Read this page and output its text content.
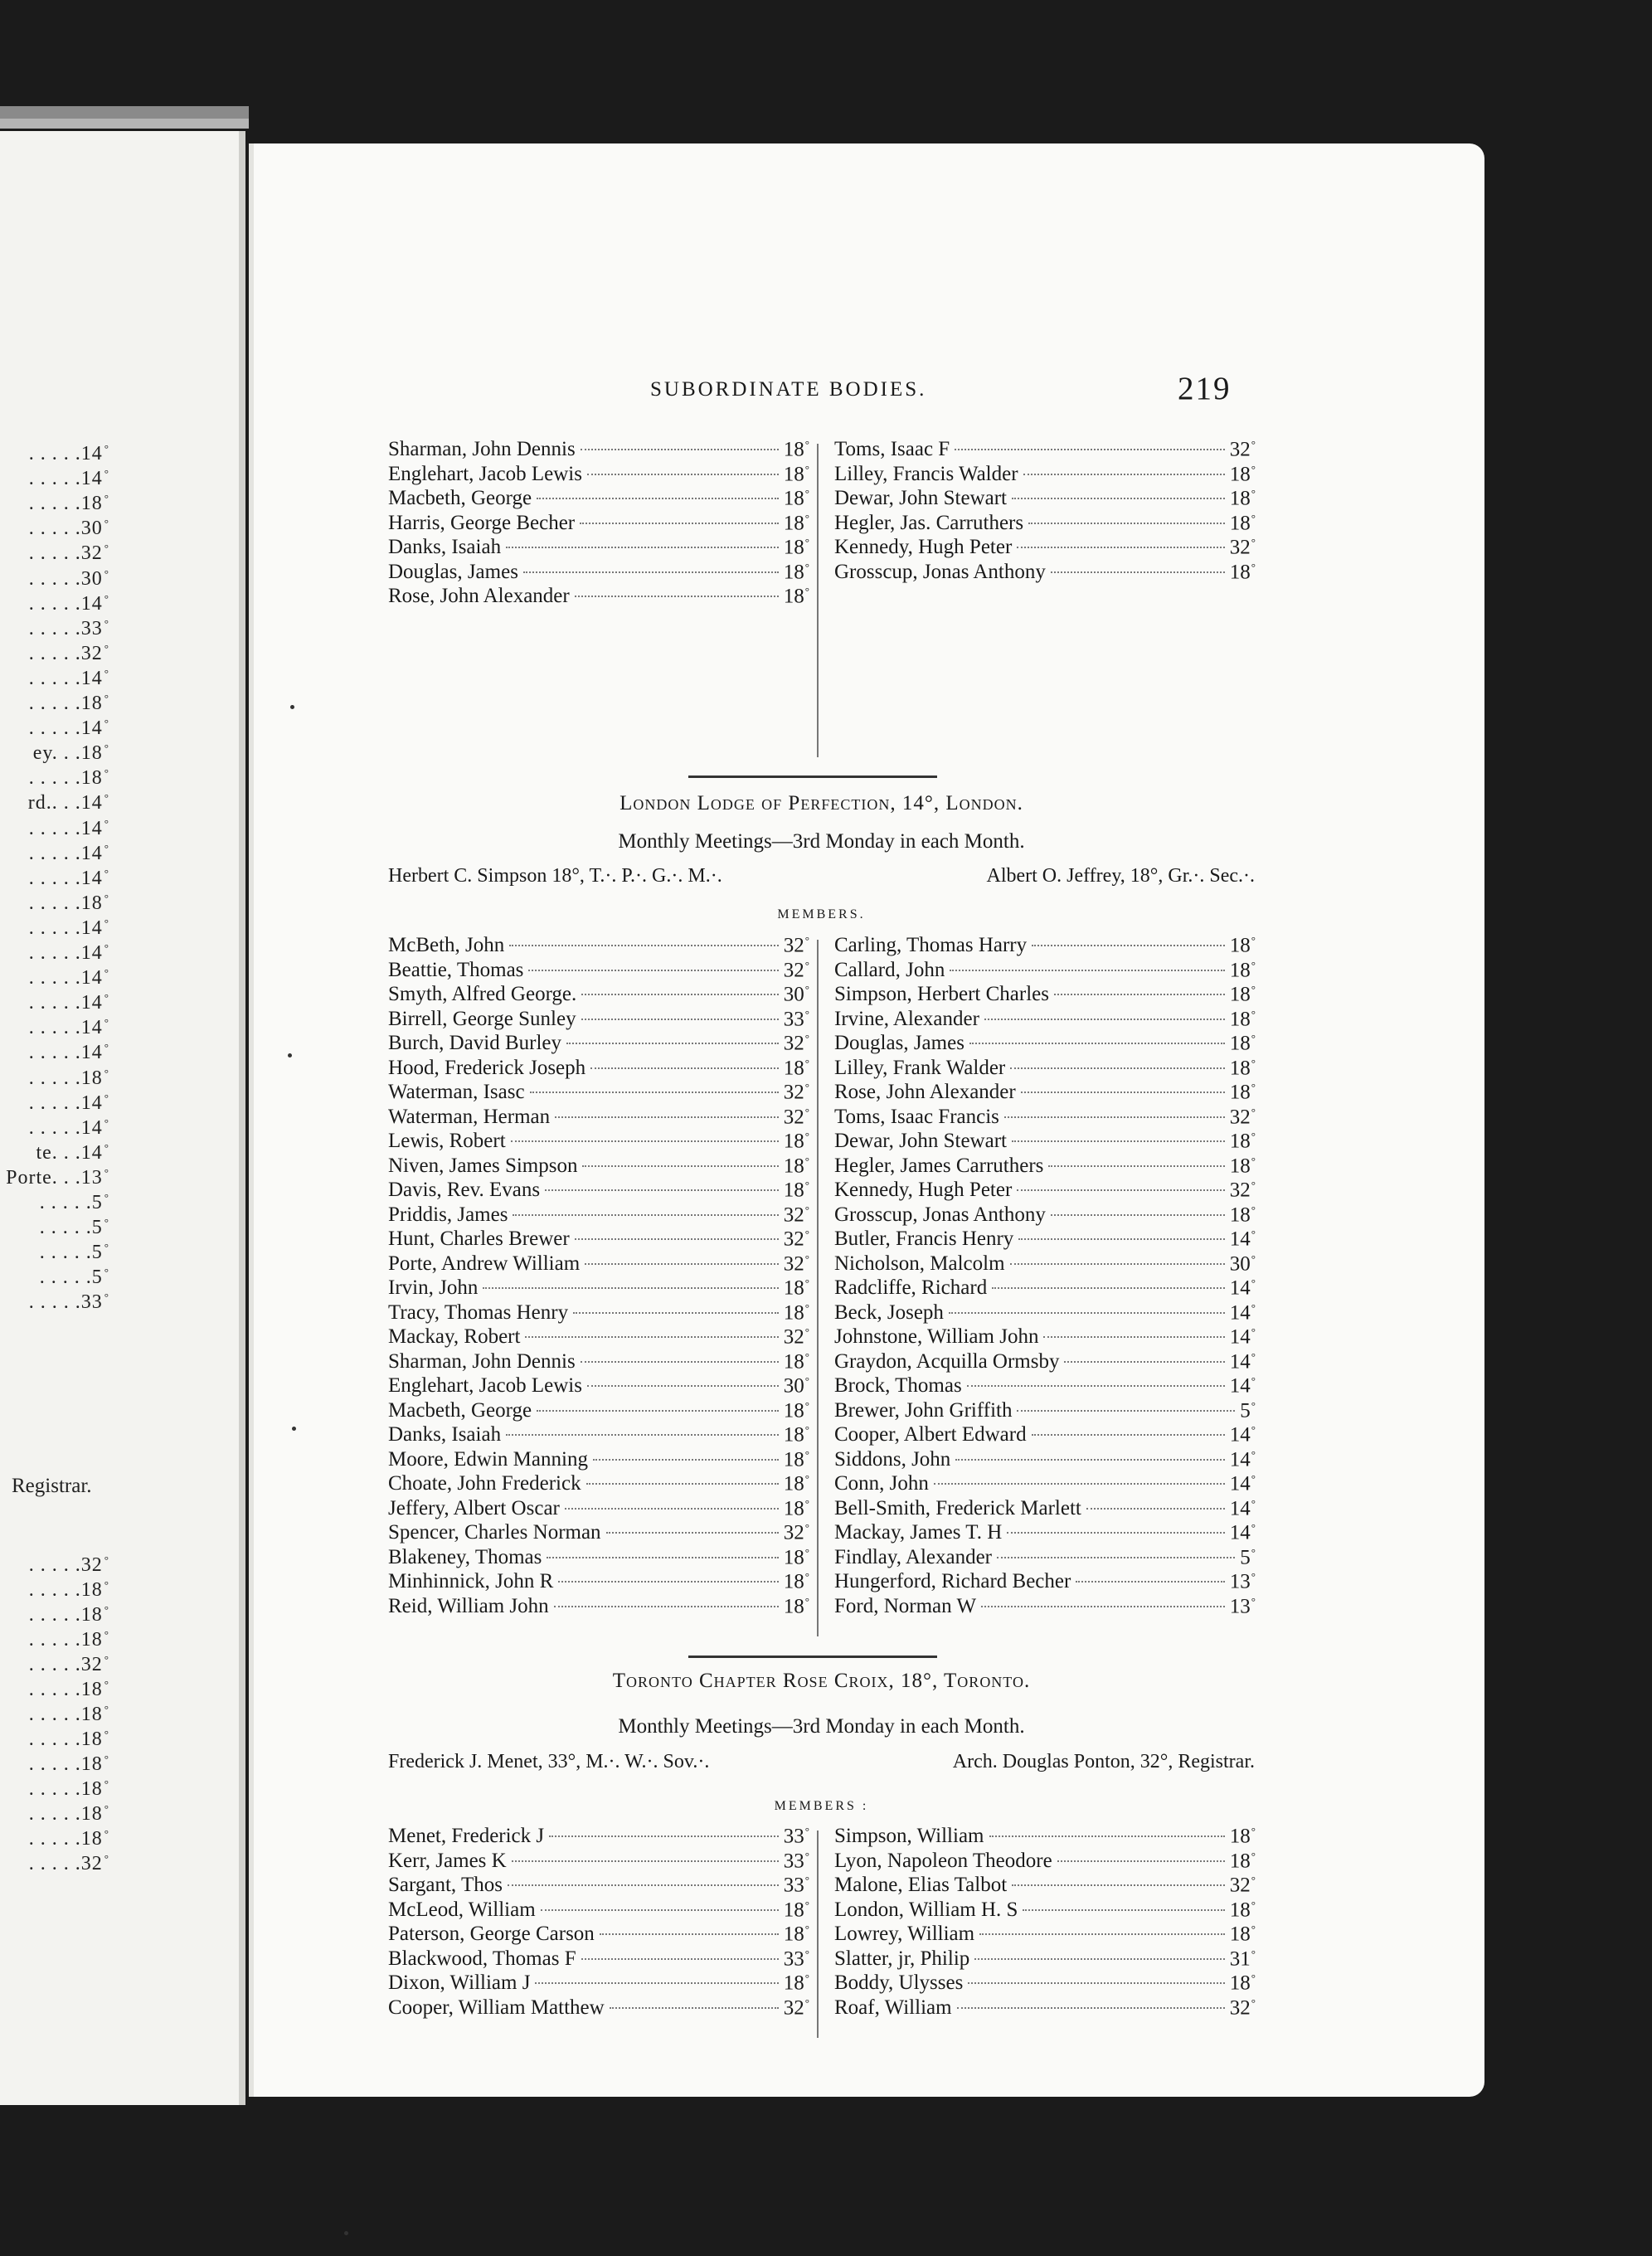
. . . . .14 °
. . . . .14 °
. . . . .18 °
. . . . .30 °
. . . . .32 °
. . . . .30 °
. . . . .14 °
. . . . .33 °
. . . . .32 °
. . . . .14 °
. . . . .18 °
. . . . .14 °
ey. . .18 °
. . . . .18 °
rd.. . .14 °
. . . . .14 °
. . . . .14 °
. . . . .14 °
. . . . .18 °
. . . . .14 °
. . . . .14 °
. . . . .14 °
. . . . .14 °
. . . . .14 °
. . . . .14 °
. . . . .18 °
. . . . .14 °
. . . . .14 °
te. . .14 °
Porte. . .13 °
. . . . .5 °
. . . . .5 °
. . . . .5 °
. . . . .5 °
. . . . .33 °
Registrar.
. . . . .32 °
. . . . .18 °
. . . . .18 °
. . . . .18 °
. . . . .32 °
. . . . .18 °
. . . . .18 °
. . . . .18 °
. . . . .18 °
. . . . .18 °
. . . . .18 °
. . . . .18 °
. . . . .32 °
SUBORDINATE BODIES.	219
Sharman, John Dennis	18°
Englehart, Jacob Lewis	18°
Macbeth, George	18°
Harris, George Becher	18°
Danks, Isaiah	18°
Douglas, James	18°
Rose, John Alexander	18°
Toms, Isaac F	32°
Lilley, Francis Walder	18°
Dewar, John Stewart	18°
Hegler, Jas. Carruthers	18°
Kennedy, Hugh Peter	32°
Grosscup, Jonas Anthony	18°
London Lodge of Perfection, 14°, London.
Monthly Meetings—3rd Monday in each Month.
Herbert C. Simpson 18°, T.·. P.·. G.·. M.·.	Albert O. Jeffrey, 18°, Gr.·. Sec.·.
MEMBERS.
McBeth, John	32°
Beattie, Thomas	32°
Smyth, Alfred George.	30°
Birrell, George Sunley	33°
Burch, David Burley	32°
Hood, Frederick Joseph	18°
Waterman, Isasc	32°
Waterman, Herman	32°
Lewis, Robert	18°
Niven, James Simpson	18°
Davis, Rev. Evans	18°
Priddis, James	32°
Hunt, Charles Brewer	32°
Porte, Andrew William	32°
Irvin, John	18°
Tracy, Thomas Henry	18°
Mackay, Robert	32°
Sharman, John Dennis	18°
Englehart, Jacob Lewis	30°
Macbeth, George	18°
Danks, Isaiah	18°
Moore, Edwin Manning	18°
Choate, John Frederick	18°
Jeffery, Albert Oscar	18°
Spencer, Charles Norman	32°
Blakeney, Thomas	18°
Minhinnick, John R	18°
Reid, William John	18°
Carling, Thomas Harry	18°
Callard, John	18°
Simpson, Herbert Charles	18°
Irvine, Alexander	18°
Douglas, James	18°
Lilley, Frank Walder	18°
Rose, John Alexander	18°
Toms, Isaac Francis	32°
Dewar, John Stewart	18°
Hegler, James Carruthers	18°
Kennedy, Hugh Peter	32°
Grosscup, Jonas Anthony	18°
Butler, Francis Henry	14°
Nicholson, Malcolm	30°
Radcliffe, Richard	14°
Beck, Joseph	14°
Johnstone, William John	14°
Graydon, Acquilla Ormsby	14°
Brock, Thomas	14°
Brewer, John Griffith	5°
Cooper, Albert Edward	14°
Siddons, John	14°
Conn, John	14°
Bell-Smith, Frederick Marlett	14°
Mackay, James T. H	14°
Findlay, Alexander	5°
Hungerford, Richard Becher	13°
Ford, Norman W	13°
Toronto Chapter Rose Croix, 18°, Toronto.
Monthly Meetings—3rd Monday in each Month.
Frederick J. Menet, 33°, M.·. W.·. Sov.·.	Arch. Douglas Ponton, 32°, Registrar.
MEMBERS :
Menet, Frederick J	33°
Kerr, James K	33°
Sargant, Thos	33°
McLeod, William	18°
Paterson, George Carson	18°
Blackwood, Thomas F	33°
Dixon, William J	18°
Cooper, William Matthew	32°
Simpson, William	18°
Lyon, Napoleon Theodore	18°
Malone, Elias Talbot	32°
London, William H. S	18°
Lowrey, William	18°
Slatter, jr, Philip	31°
Boddy, Ulysses	18°
Roaf, William	32°
